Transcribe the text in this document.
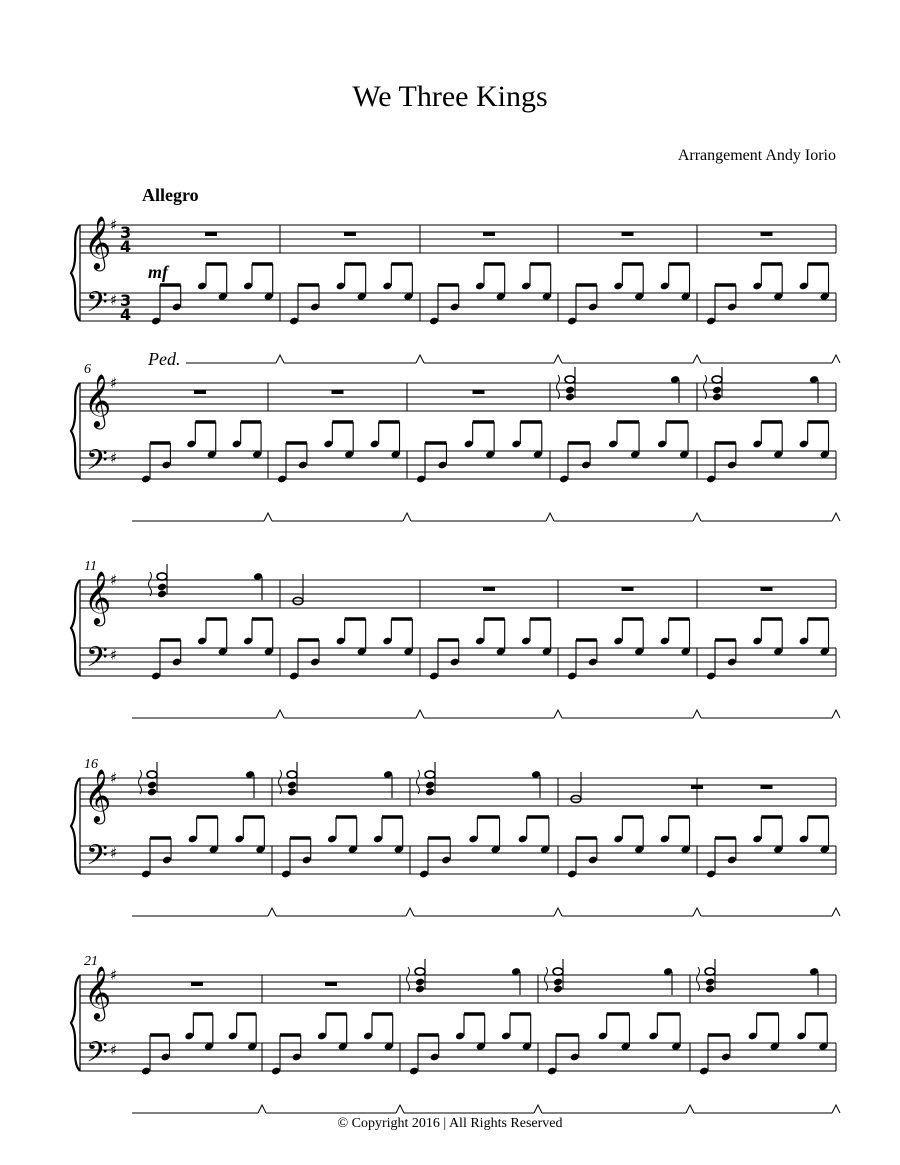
We Three Kings
Arrangement Andy Iorio
Allegro
𝄞
𝄢
♯
♯
3
4
3
4
mf
Ped.
𝄞
𝄢
♯
♯
6
𝄞
𝄢
♯
♯
11
𝄞
𝄢
♯
♯
16
𝄞
𝄢
♯
♯
21
© Copyright 2016 | All Rights Reserved
